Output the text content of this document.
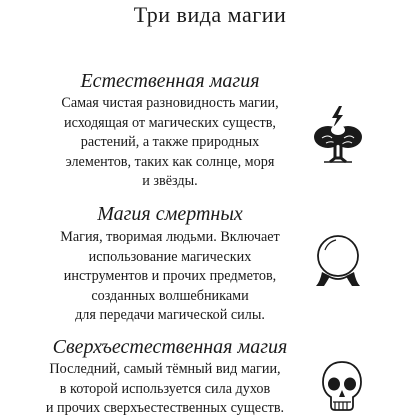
Три вида магии
Естественная магия
Самая чистая разновидность магии,
исходящая от магических существ,
растений, а также природных
элементов, таких как солнце, моря
и звёзды.
Магия смертных
Магия, творимая людьми. Включает
использование магических
инструментов и прочих предметов,
созданных волшебниками
для передачи магической силы.
Сверхъестественная магия
Последний, самый тёмный вид магии,
в которой используется сила духов
и прочих сверхъестественных существ.
